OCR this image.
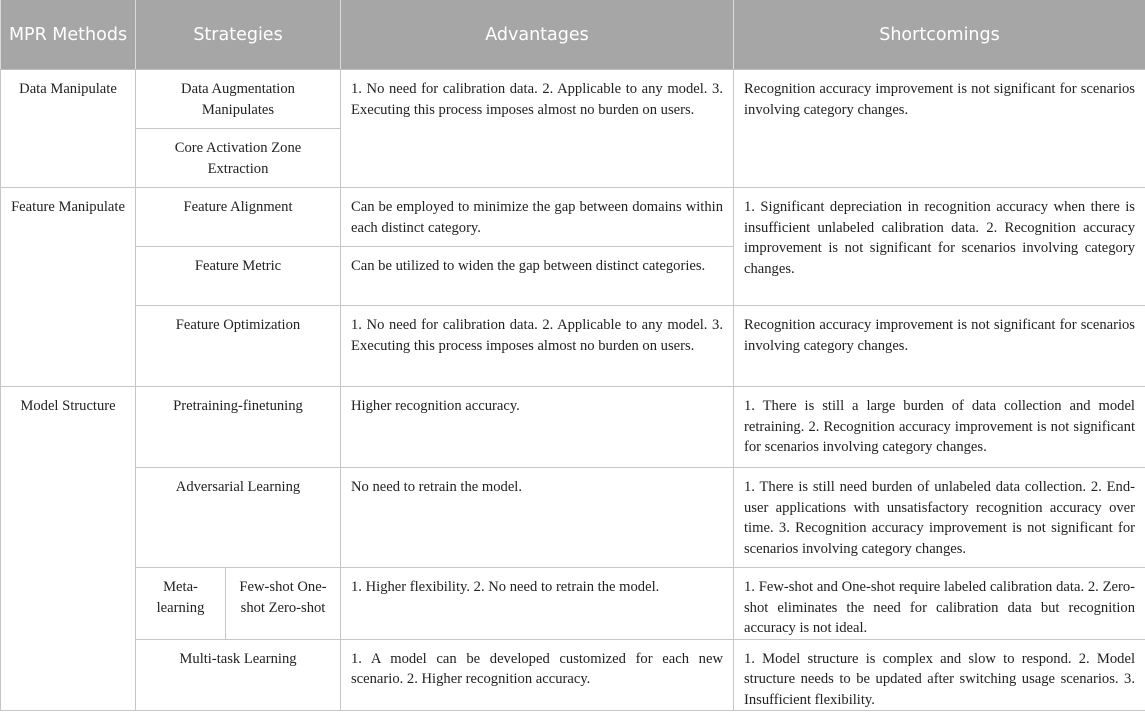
MPR Methods	Strategies		Advantages	Shortcomings
Data Manipulate	Data Augmentation Manipulates		1. No need for calibration data. 2. Applicable to any model. 3. Executing this process imposes almost no burden on users.	Recognition accuracy improvement is not significant for scenarios involving category changes.
	Core Activation Zone Extraction			
Feature Manipulate	Feature Alignment		Can be employed to minimize the gap between domains within each distinct category.	1. Significant depreciation in recognition accuracy when there is insufficient unlabeled calibration data. 2. Recognition accuracy improvement is not significant for scenarios involving category changes.
	Feature Metric		Can be utilized to widen the gap between distinct categories.	
	Feature Optimization		1. No need for calibration data. 2. Applicable to any model. 3. Executing this process imposes almost no burden on users.	Recognition accuracy improvement is not significant for scenarios involving category changes.
Model Structure	Pretraining-finetuning		Higher recognition accuracy.	1. There is still a large burden of data collection and model retraining. 2. Recognition accuracy improvement is not significant for scenarios involving category changes.
	Adversarial Learning		No need to retrain the model.	1. There is still need burden of unlabeled data collection. 2. End-user applications with unsatisfactory recognition accuracy over time. 3. Recognition accuracy improvement is not significant for scenarios involving category changes.
	Meta-learning	Few-shot One-shot Zero-shot	1. Higher flexibility. 2. No need to retrain the model.	1. Few-shot and One-shot require labeled calibration data. 2. Zero-shot eliminates the need for calibration data but recognition accuracy is not ideal.
	Multi-task Learning		1. A model can be developed customized for each new scenario. 2. Higher recognition accuracy.	1. Model structure is complex and slow to respond. 2. Model structure needs to be updated after switching usage scenarios. 3. Insufficient flexibility.
